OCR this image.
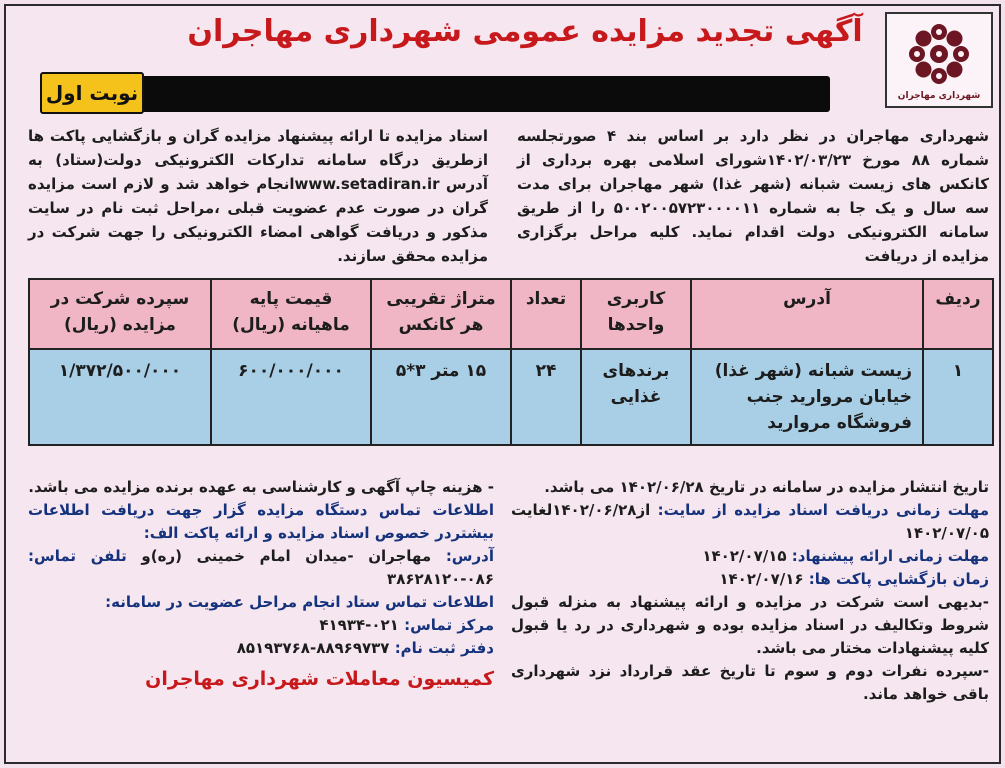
شهرداری مهاجران
آگهی تجدید مزایده عمومی شهرداری مهاجران
نوبت اول
شهرداری مهاجران در نظر دارد بر اساس بند ۴ صورتجلسه شماره ۸۸ مورخ ۱۴۰۲/۰۳/۲۳شورای اسلامی بهره برداری از کانکس های زیست شبانه (شهر غذا) شهر مهاجران برای مدت سه سال و یک جا به شماره ۵۰۰۲۰۰۵۷۲۳۰۰۰۰۱۱ را از طریق سامانه الکترونیکی دولت اقدام نماید. کلیه مراحل برگزاری مزایده از دریافت
اسناد مزایده تا ارائه پیشنهاد مزایده گران و بازگشایی پاکت ها ازطریق درگاه سامانه تدارکات الکترونیکی دولت(ستاد) به آدرس www.setadiran.irانجام خواهد شد و لازم است مزایده گران در صورت عدم عضویت قبلی ،مراحل ثبت نام در سایت مذکور و دریافت گواهی امضاء الکترونیکی را جهت شرکت در مزایده محقق سازند.
ردیف	آدرس	کاربری واحدها	تعداد	متراژ تقریبی هر کانکس	قیمت پایه ماهیانه (ریال)	سپرده شرکت در مزایده (ریال)
۱	زیست شبانه (شهر غذا) خیابان مروارید جنب فروشگاه مروارید	برندهای غذایی	۲۴	۱۵ متر ۳*۵	۶۰۰/۰۰۰/۰۰۰	۱/۳۷۲/۵۰۰/۰۰۰
تاریخ انتشار مزایده در سامانه در تاریخ ۱۴۰۲/۰۶/۲۸ می باشد.
مهلت زمانی دریافت اسناد مزایده از سایت: از۱۴۰۲/۰۶/۲۸لغایت ۱۴۰۲/۰۷/۰۵
مهلت زمانی ارائه پیشنهاد: ۱۴۰۲/۰۷/۱۵
زمان بازگشایی پاکت ها: ۱۴۰۲/۰۷/۱۶
-بدیهی است شرکت در مزایده و ارائه پیشنهاد به منزله قبول شروط وتکالیف در اسناد مزایده بوده و شهرداری در رد یا قبول کلیه پیشنهادات مختار می باشد.
-سپرده نفرات دوم و سوم تا تاریخ عقد قرارداد نزد شهرداری باقی خواهد ماند.
- هزینه چاپ آگهی و کارشناسی به عهده برنده مزایده می باشد.
اطلاعات تماس دستگاه مزایده گزار جهت دریافت اطلاعات بیشتردر خصوص اسناد مزایده و ارائه پاکت الف:
آدرس: مهاجران -میدان امام خمینی (ره)و تلفن تماس: ۰۸۶-۳۸۶۲۸۱۲۰
اطلاعات تماس ستاد انجام مراحل عضویت در سامانه:
مرکز تماس: ۰۲۱-۴۱۹۳۴
دفتر ثبت نام: ۸۸۹۶۹۷۳۷-۸۵۱۹۳۷۶۸
کمیسیون معاملات شهرداری مهاجران
